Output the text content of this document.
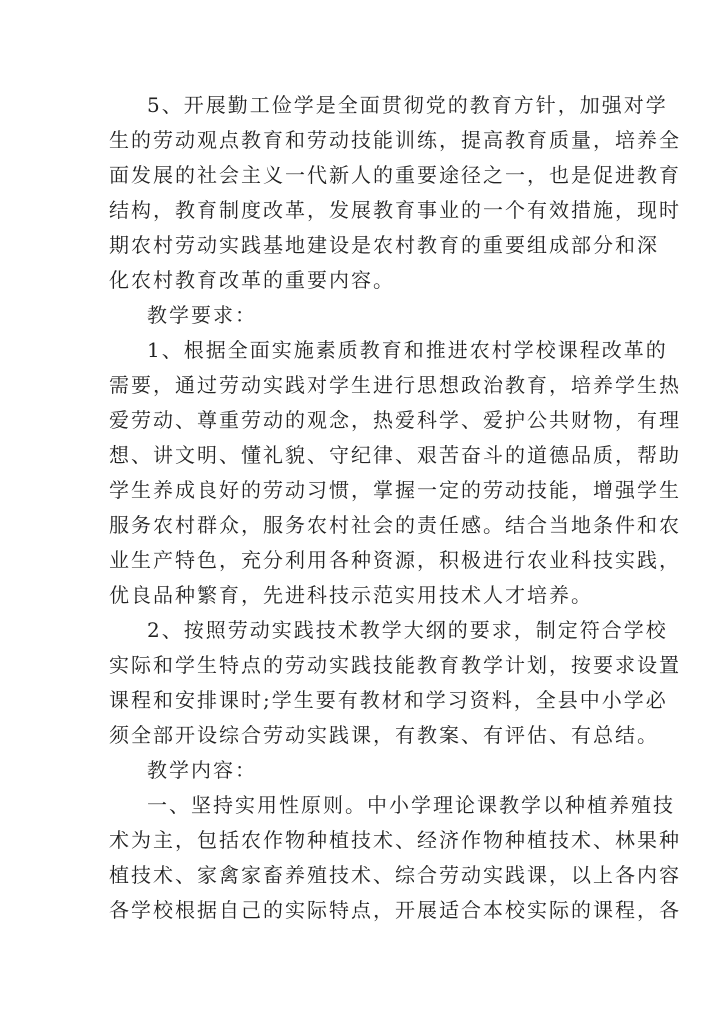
5、开展勤工俭学是全面贯彻党的教育方针，加强对学
生的劳动观点教育和劳动技能训练，提高教育质量，培养全
面发展的社会主义一代新人的重要途径之一，也是促进教育
结构，教育制度改革，发展教育事业的一个有效措施，现时
期农村劳动实践基地建设是农村教育的重要组成部分和深
化农村教育改革的重要内容。
教学要求：
1、根据全面实施素质教育和推进农村学校课程改革的
需要，通过劳动实践对学生进行思想政治教育，培养学生热
爱劳动、尊重劳动的观念，热爱科学、爱护公共财物，有理
想、讲文明、懂礼貌、守纪律、艰苦奋斗的道德品质，帮助
学生养成良好的劳动习惯，掌握一定的劳动技能，增强学生
服务农村群众，服务农村社会的责任感。结合当地条件和农
业生产特色，充分利用各种资源，积极进行农业科技实践，
优良品种繁育，先进科技示范实用技术人才培养。
2、按照劳动实践技术教学大纲的要求，制定符合学校
实际和学生特点的劳动实践技能教育教学计划，按要求设置
课程和安排课时;学生要有教材和学习资料，全县中小学必
须全部开设综合劳动实践课，有教案、有评估、有总结。
教学内容：
一、坚持实用性原则。中小学理论课教学以种植养殖技
术为主，包括农作物种植技术、经济作物种植技术、林果种
植技术、家禽家畜养殖技术、综合劳动实践课，以上各内容
各学校根据自己的实际特点，开展适合本校实际的课程，各
